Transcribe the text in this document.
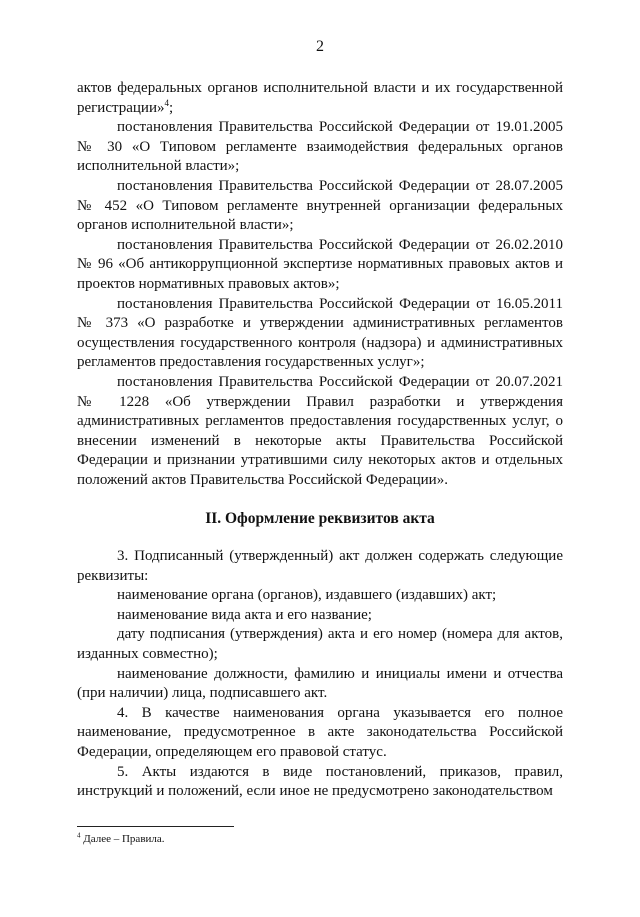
2

актов федеральных органов исполнительной власти и их государственной регистрации»$^4$;

постановления Правительства Российской Федерации от 19.01.2005 № 30 «О Типовом регламенте взаимодействия федеральных органов исполнительной власти»;

постановления Правительства Российской Федерации от 28.07.2005 № 452 «О Типовом регламенте внутренней организации федеральных органов исполнительной власти»;

постановления Правительства Российской Федерации от 26.02.2010 № 96 «Об антикоррупционной экспертизе нормативных правовых актов и проектов нормативных правовых актов»;

постановления Правительства Российской Федерации от 16.05.2011 № 373 «О разработке и утверждении административных регламентов осуществления государственного контроля (надзора) и административных регламентов предоставления государственных услуг»;

постановления Правительства Российской Федерации от 20.07.2021 № 1228 «Об утверждении Правил разработки и утверждения административных регламентов предоставления государственных услуг, о внесении изменений в некоторые акты Правительства Российской Федерации и признании утратившими силу некоторых актов и отдельных положений актов Правительства Российской Федерации».

II. Оформление реквизитов акта

3. Подписанный (утвержденный) акт должен содержать следующие реквизиты:

наименование органа (органов), издавшего (издавших) акт;

наименование вида акта и его название;

дату подписания (утверждения) акта и его номер (номера для актов, изданных совместно);

наименование должности, фамилию и инициалы имени и отчества (при наличии) лица, подписавшего акт.

4. В качестве наименования органа указывается его полное наименование, предусмотренное в акте законодательства Российской Федерации, определяющем его правовой статус.

5. Акты издаются в виде постановлений, приказов, правил, инструкций и положений, если иное не предусмотрено законодательством

$^4$ Далее – Правила.
